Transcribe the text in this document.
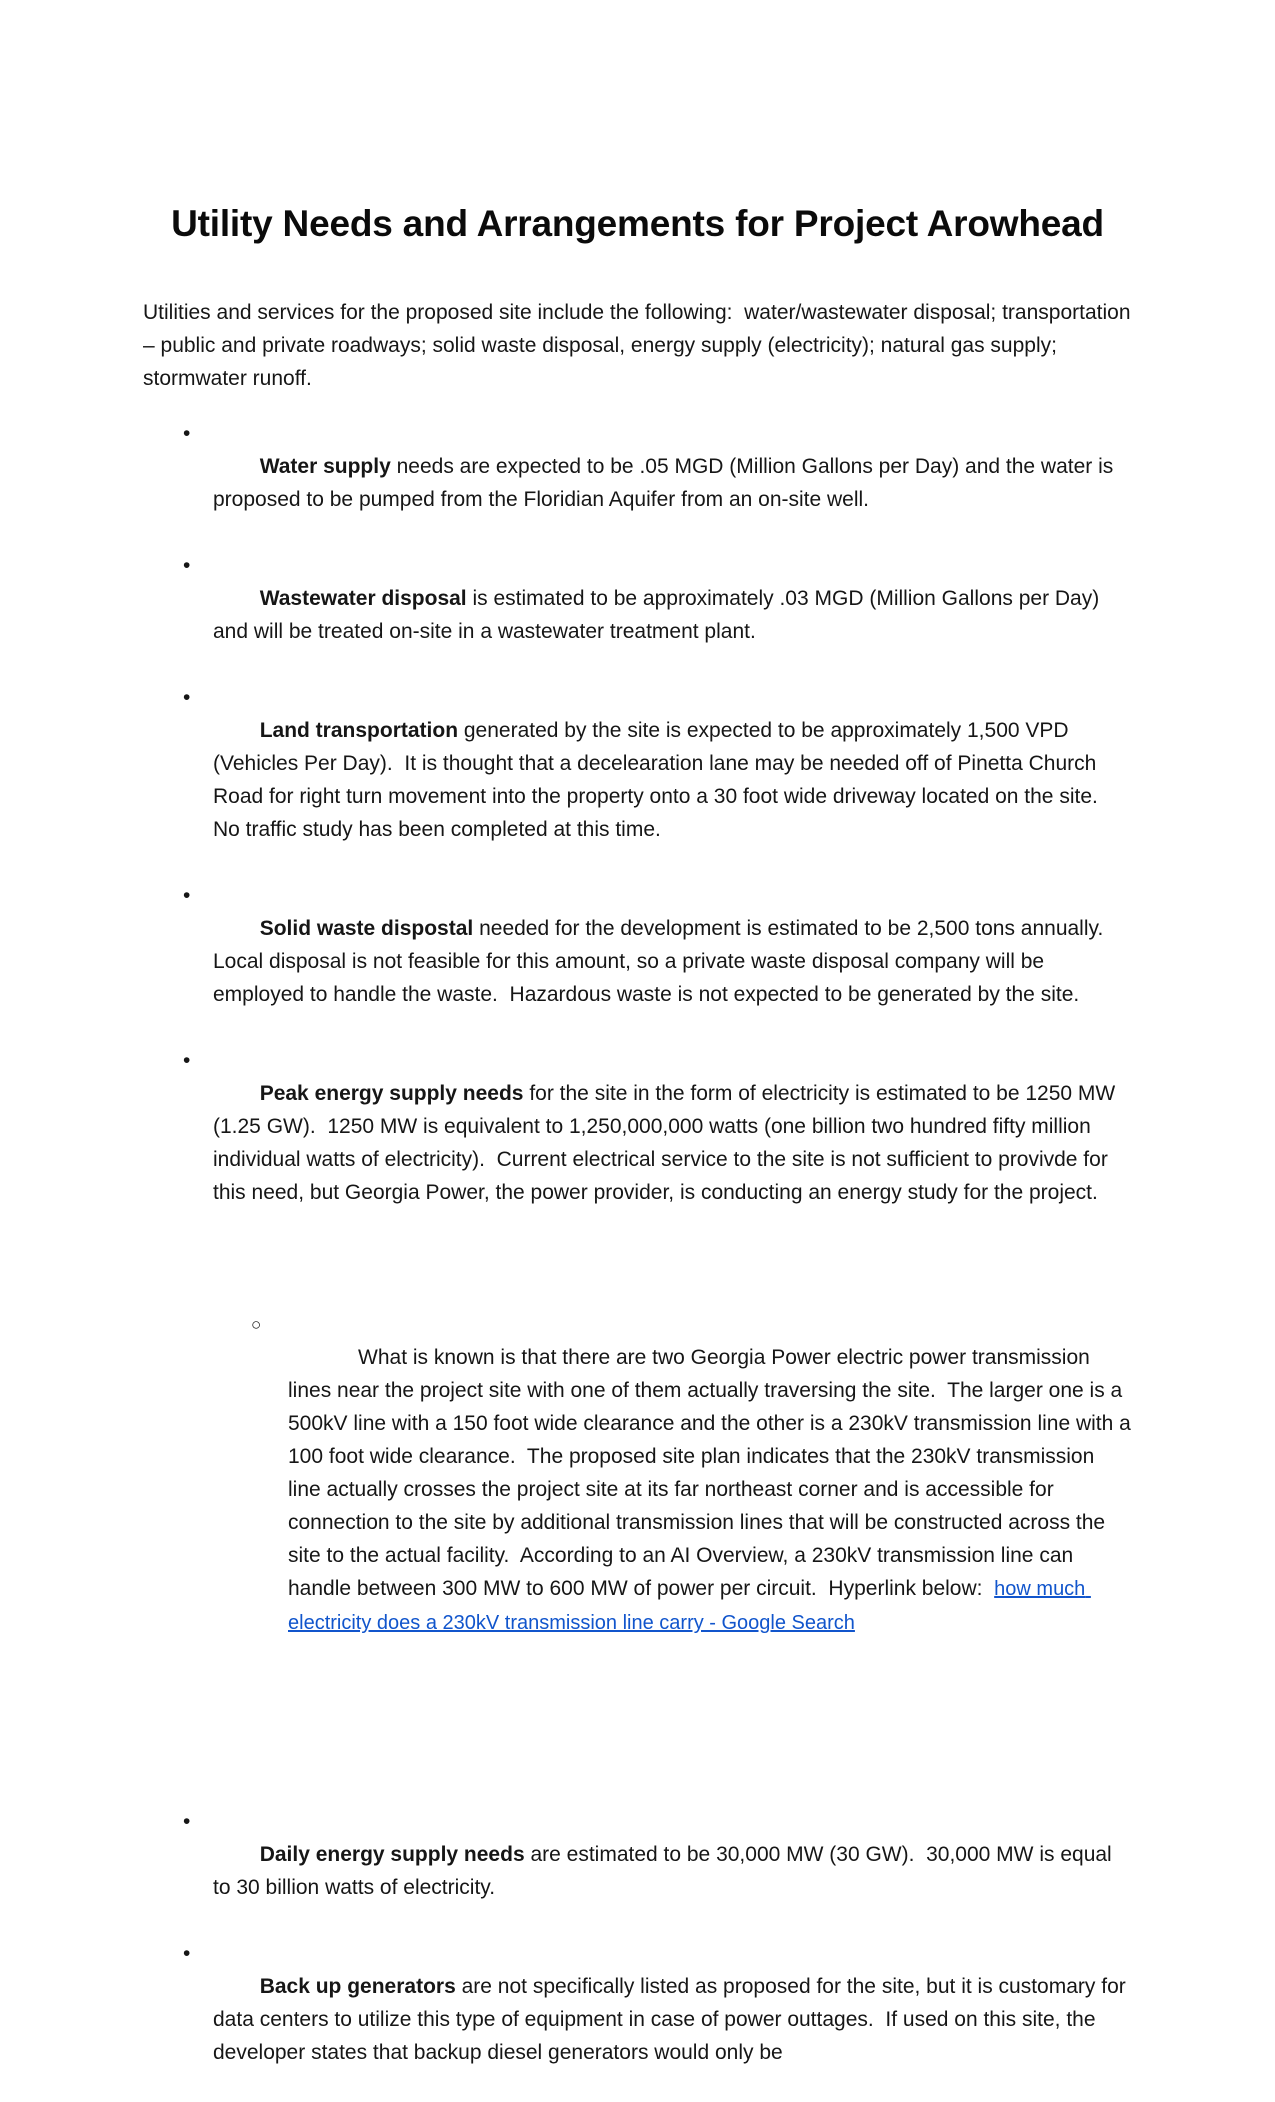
Utility Needs and Arrangements for Project Arowhead

Utilities and services for the proposed site include the following:  water/wastewater disposal; transportation – public and private roadways; solid waste disposal, energy supply (electricity); natural gas supply; stormwater runoff.

•
Water supply needs are expected to be .05 MGD (Million Gallons per Day) and the water is proposed to be pumped from the Floridian Aquifer from an on-site well.

•
Wastewater disposal is estimated to be approximately .03 MGD (Million Gallons per Day) and will be treated on-site in a wastewater treatment plant.

•
Land transportation generated by the site is expected to be approximately 1,500 VPD (Vehicles Per Day).  It is thought that a decelearation lane may be needed off of Pinetta Church Road for right turn movement into the property onto a 30 foot wide driveway located on the site.  No traffic study has been completed at this time.

•
Solid waste dispostal needed for the development is estimated to be 2,500 tons annually.  Local disposal is not feasible for this amount, so a private waste disposal company will be employed to handle the waste.  Hazardous waste is not expected to be generated by the site.

•
Peak energy supply needs for the site in the form of electricity is estimated to be 1250 MW (1.25 GW).  1250 MW is equivalent to 1,250,000,000 watts (one billion two hundred fifty million individual watts of electricity).  Current electrical service to the site is not sufficient to provivde for this need, but Georgia Power, the power provider, is conducting an energy study for the project.

○
What is known is that there are two Georgia Power electric power transmission lines near the project site with one of them actually traversing the site.  The larger one is a 500kV line with a 150 foot wide clearance and the other is a 230kV transmission line with a 100 foot wide clearance.  The proposed site plan indicates that the 230kV transmission line actually crosses the project site at its far northeast corner and is accessible for connection to the site by additional transmission lines that will be constructed across the site to the actual facility.  According to an AI Overview, a 230kV transmission line can handle between 300 MW to 600 MW of power per circuit.  Hyperlink below:  how much electricity does a 230kV transmission line carry - Google Search

•
Daily energy supply needs are estimated to be 30,000 MW (30 GW).  30,000 MW is equal to 30 billion watts of electricity.

•
Back up generators are not specifically listed as proposed for the site, but it is customary for data centers to utilize this type of equipment in case of power outtages.  If used on this site, the developer states that backup diesel generators would only be
